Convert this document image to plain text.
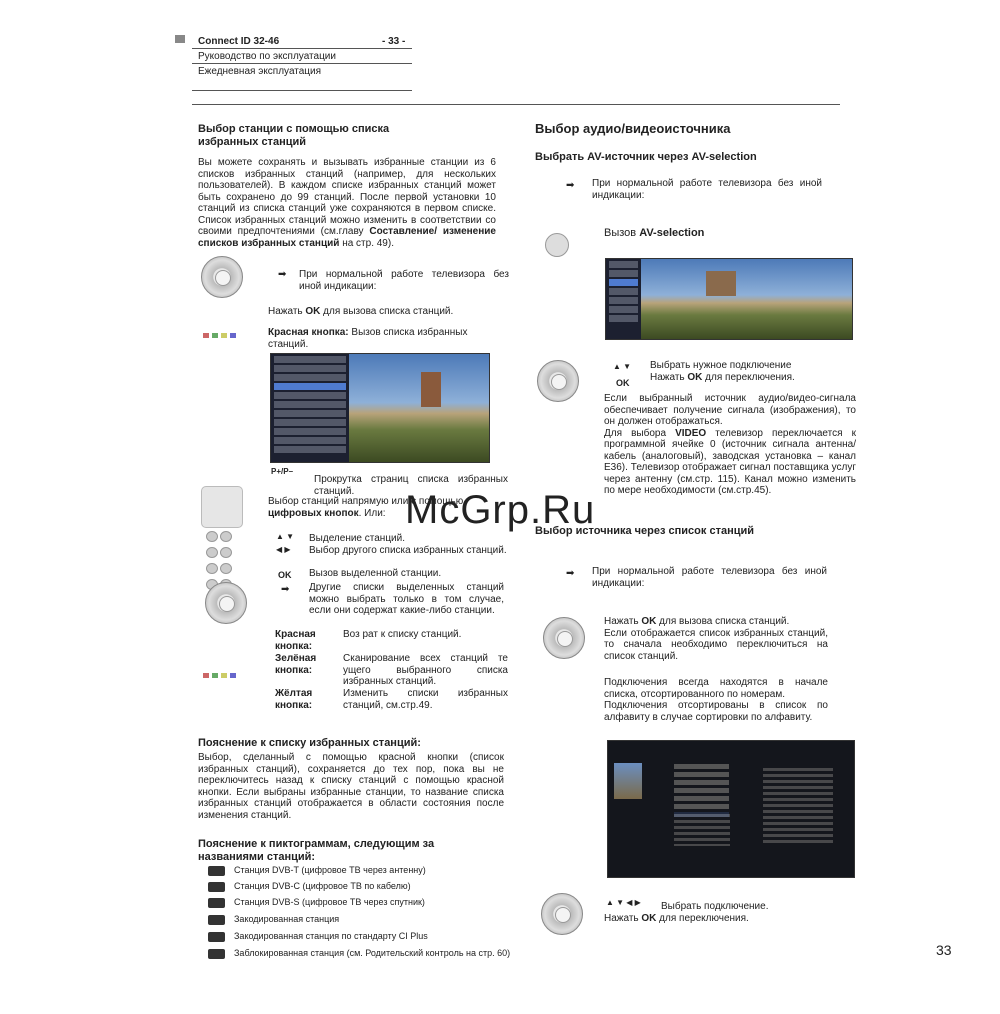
Connect ID 32-46	- 33 -
Руководство по эксплуатации
Ежедневная эксплуатация
Выбор станции с помощью списка
избранных станций
Вы можете сохранять и вызывать избранные станции из 6 списков избранных станций (например, для нескольких пользователей). В каждом списке избранных станций может быть сохранено до 99 станций. После первой установки 10 станций из списка станций уже сохраняются в первом списке. Список избранных станций можно изменить в соответствии со своими предпочтениями (см.главу Составление/ изменение списков избранных станций на стр. 49).
➡ При нормальной работе телевизора без иной индикации:
Нажать OK для вызова списка станций.
Красная кнопка: Вызов списка избранных станций.
P+/P–
Прокрутка страниц списка избранных станций.
Выбор станций напрямую или с помощью
цифровых кнопок. Или:
▲ ▼ Выделение станций.
◀ ▶ Выбор другого списка избранных станций.
OK Вызов выделенной станции.
➡ Другие списки выделенных станций можно выбрать только в том случае, если они содержат какие-либо станции.
Красная кнопка:
Воз рат к списку станций.
Зелёная кнопка:
Сканирование всех станций те ущего выбранного списка избранных станций.
Жёлтая кнопка:
Изменить списки избранных станций, см.стр.49.
Пояснение к списку избранных станций:
Выбор, сделанный с помощью красной кнопки (список избранных станций), сохраняется до тех пор, пока вы не переключитесь назад к списку станций с помощью красной кнопки. Если выбраны избранные станции, то название списка избранных станций отображается в области состояния после изменения станций.
Пояснение к пиктограммам, следующим за
названиями станций:
Станция DVB-T (цифровое ТВ через антенну)
Станция DVB-C (цифровое ТВ по кабелю)
Станция DVB-S (цифровое ТВ через спутник)
Закодированная станция
Закодированная станция по стандарту CI Plus
Заблокированная станция (см. Родительский контроль на стр. 60)
Выбор аудио/видеоисточника
Выбрать AV-источник через AV-selection
➡ При нормальной работе телевизора без иной индикации:
Вызов AV-selection
▲ ▼ Выбрать нужное подключение
OK Нажать OK для переключения.
Если выбранный источник аудио/видео-сигнала обеспечивает получение сигнала (изображения), то он должен отображаться.
Для выбора VIDEO телевизор переключается к программной ячейке 0 (источник сигнала антенна/кабель (аналоговый), заводская установка – канал E36). Телевизор отображает сигнал поставщика услуг через антенну (см.стр. 115). Канал можно изменить по мере необходимости (см.стр.45).
Выбор источника через список станций
➡ При нормальной работе телевизора без иной индикации:
Нажать OK для вызова списка станций.
Если отображается список избранных станций, то сначала необходимо переключиться на список станций.
Подключения всегда находятся в начале списка, отсортированного по номерам.
Подключения отсортированы в список по алфавиту в случае сортировки по алфавиту.
▲ ▼ ◀ ▶ Выбрать подключение.
Нажать OK для переключения.
33
McGrp.Ru
